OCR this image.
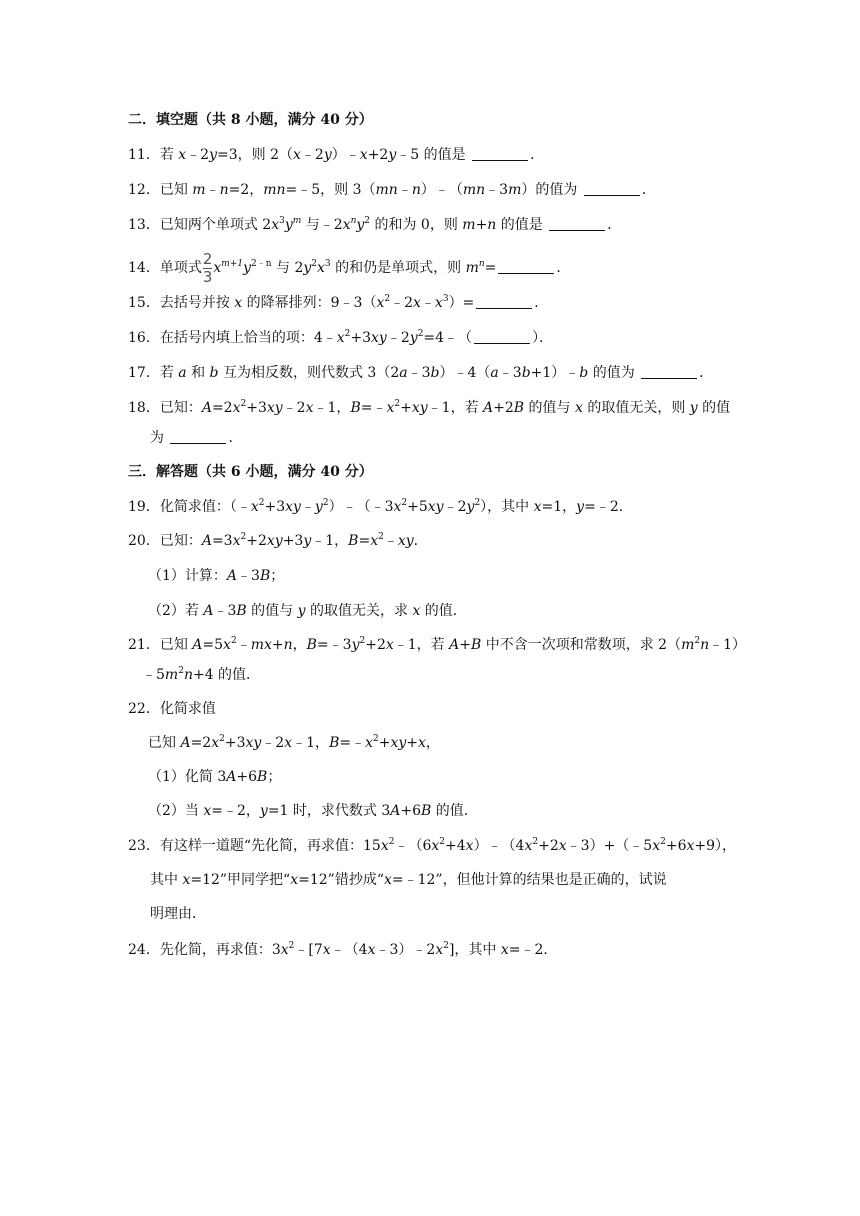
二．填空题（共 8 小题，满分 40 分）
11．若 x﹣2y=3，则 2（x﹣2y）﹣x+2y﹣5 的值是	．
12．已知 m﹣n=2，mn=﹣5，则 3（mn﹣n）﹣（mn﹣3m）的值为	．
13．已知两个单项式 $2x^3y^m$ 与$﹣2x^ny^2$ 的和为 0，则 m+n 的值是	．
14．单项式 $\frac{2}{3} x^{m+1}y^{2﹣n}$ 与 $2y^2x^3$ 的和仍是单项式，则 $m^n=$	．
15．去括号并按 x 的降幂排列：$9﹣3(x^2﹣2x﹣x^3)=$	．
16．在括号内填上恰当的项：$4﹣x^2+3xy﹣2y^2=4﹣$（	）．
17．若 a 和 b 互为相反数，则代数式 3（2a﹣3b）﹣4（a﹣3b+1）﹣b 的值为	．
18．已知：$A=2x^2+3xy﹣2x﹣1$，$B=﹣x^2+xy﹣1$，若 A+2B 的值与 x 的取值无关，则 y 的值
为	．
三．解答题（共 6 小题，满分 40 分）
19．化简求值：$(﹣x^2+3xy﹣y^2)﹣(﹣3x^2+5xy﹣2y^2)$，其中 x=1，y=﹣2．
20．已知：$A=3x^2+2xy+3y﹣1$，$B=x^2﹣xy$．
（1）计算：A﹣3B；
（2）若 A﹣3B 的值与 y 的取值无关，求 x 的值．
21．已知 $A=5x^2﹣mx+n$，$B=﹣3y^2+2x﹣1$，若 A+B 中不含一次项和常数项，求 $2(m^2n﹣1)$
$﹣5m^2n+4$ 的值．
22．化简求值
已知 $A=2x^2+3xy﹣2x﹣1$，$B=﹣x^2+xy+x$，
（1）化简 3A+6B；
（2）当 x=﹣2，y=1 时，求代数式 3A+6B 的值．
23．有这样一道题“先化简，再求值：$15x^2﹣(6x^2+4x)﹣(4x^2+2x﹣3)+(﹣5x^2+6x+9)$，
其中 x=12”甲同学把“x=12”错抄成“x=﹣12”，但他计算的结果也是正确的，试说
明理由．
24．先化简，再求值：$3x^2﹣[7x﹣(4x﹣3)﹣2x^2]$，其中 x=﹣2．
